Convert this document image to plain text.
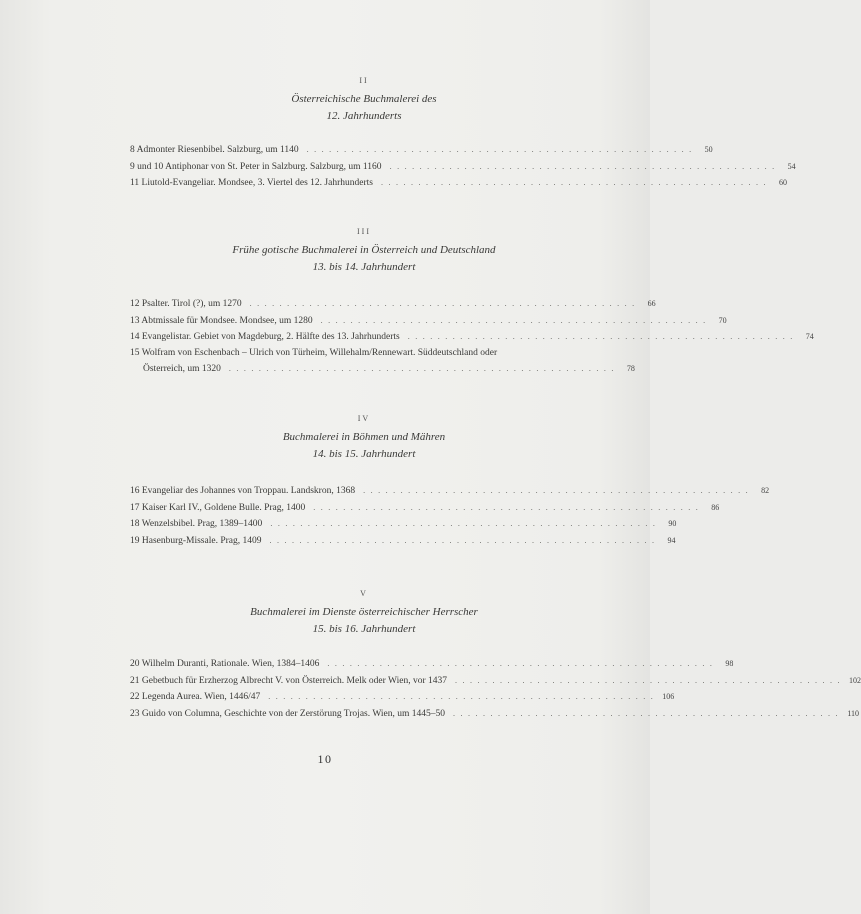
II
Österreichische Buchmalerei des
12. Jahrhunderts
8 Admonter Riesenbibel. Salzburg, um 1140 ....................................................	50
9 und 10 Antiphonar von St. Peter in Salzburg. Salzburg, um 1160 ....................................................	54
11 Liutold-Evangeliar. Mondsee, 3. Viertel des 12. Jahrhunderts ....................................................	60
III
Frühe gotische Buchmalerei in Österreich und Deutschland
13. bis 14. Jahrhundert
12 Psalter. Tirol (?), um 1270 ....................................................	66
13 Abtmissale für Mondsee. Mondsee, um 1280 ....................................................	70
14 Evangelistar. Gebiet von Magdeburg, 2. Hälfte des 13. Jahrhunderts ....................................................	74
15 Wolfram von Eschenbach – Ulrich von Türheim, Willehalm/Rennewart. Süddeutschland oder
Österreich, um 1320 ....................................................	78
IV
Buchmalerei in Böhmen und Mähren
14. bis 15. Jahrhundert
16 Evangeliar des Johannes von Troppau. Landskron, 1368 ....................................................	82
17 Kaiser Karl IV., Goldene Bulle. Prag, 1400 ....................................................	86
18 Wenzelsbibel. Prag, 1389–1400 ....................................................	90
19 Hasenburg-Missale. Prag, 1409 ....................................................	94
V
Buchmalerei im Dienste österreichischer Herrscher
15. bis 16. Jahrhundert
20 Wilhelm Duranti, Rationale. Wien, 1384–1406 ....................................................	98
21 Gebetbuch für Erzherzog Albrecht V. von Österreich. Melk oder Wien, vor 1437 .................................................... 102
22 Legenda Aurea. Wien, 1446/47 .................................................... 106
23 Guido von Columna, Geschichte von der Zerstörung Trojas. Wien, um 1445–50 .................................................... 110
10
